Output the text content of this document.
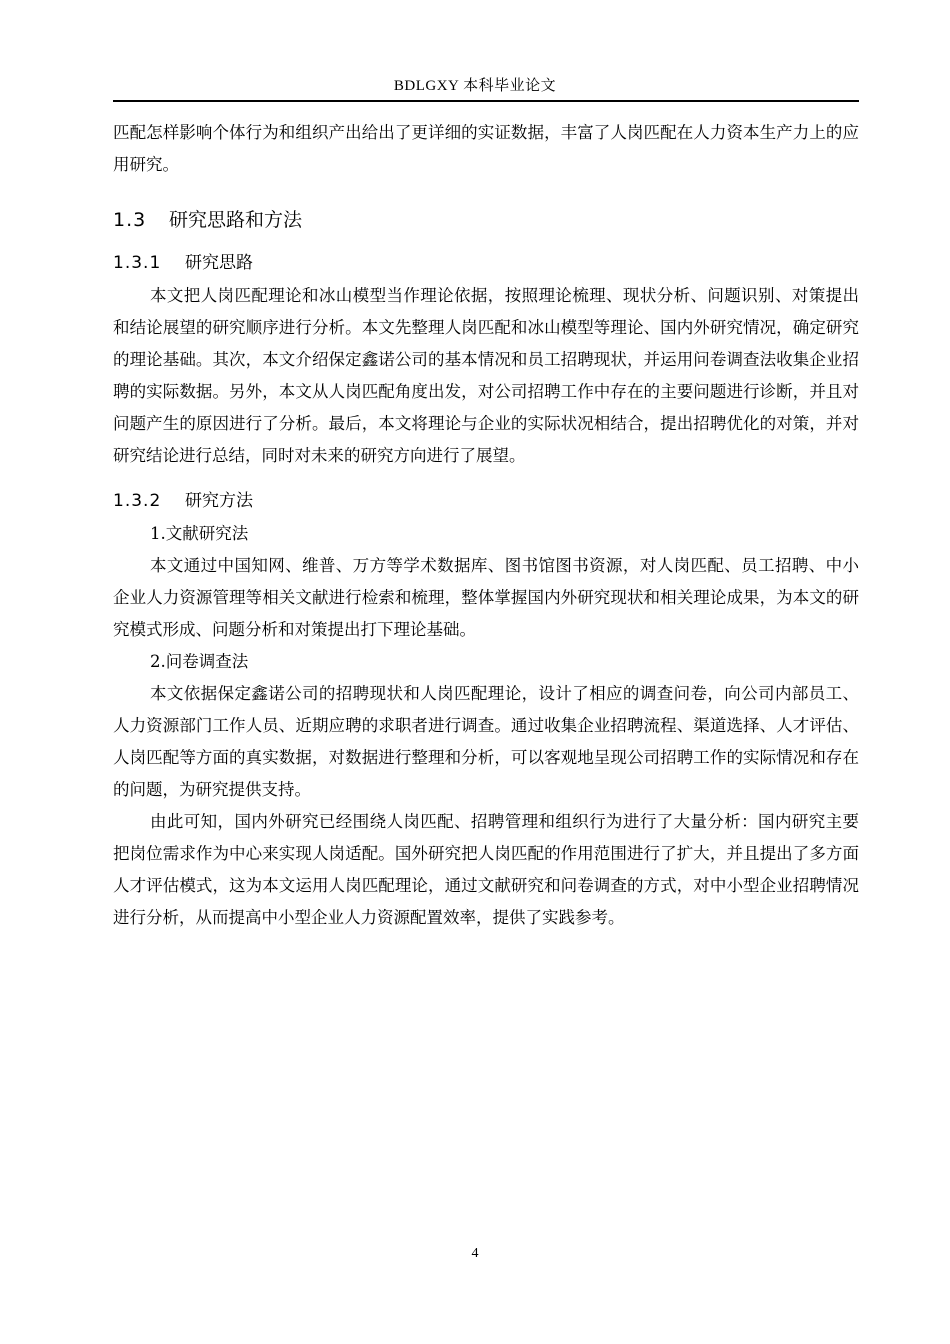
BDLGXY 本科毕业论文

匹配怎样影响个体行为和组织产出给出了更详细的实证数据，丰富了人岗匹配在人力资本生产力上的应用研究。

1.3 研究思路和方法
1.3.1 研究思路

本文把人岗匹配理论和冰山模型当作理论依据，按照理论梳理、现状分析、问题识别、对策提出和结论展望的研究顺序进行分析。本文先整理人岗匹配和冰山模型等理论、国内外研究情况，确定研究的理论基础。其次，本文介绍保定鑫诺公司的基本情况和员工招聘现状，并运用问卷调查法收集企业招聘的实际数据。另外，本文从人岗匹配角度出发，对公司招聘工作中存在的主要问题进行诊断，并且对问题产生的原因进行了分析。最后，本文将理论与企业的实际状况相结合，提出招聘优化的对策，并对研究结论进行总结，同时对未来的研究方向进行了展望。

1.3.2 研究方法

1.文献研究法

本文通过中国知网、维普、万方等学术数据库、图书馆图书资源，对人岗匹配、员工招聘、中小企业人力资源管理等相关文献进行检索和梳理，整体掌握国内外研究现状和相关理论成果，为本文的研究模式形成、问题分析和对策提出打下理论基础。

2.问卷调查法

本文依据保定鑫诺公司的招聘现状和人岗匹配理论，设计了相应的调查问卷，向公司内部员工、人力资源部门工作人员、近期应聘的求职者进行调查。通过收集企业招聘流程、渠道选择、人才评估、人岗匹配等方面的真实数据，对数据进行整理和分析，可以客观地呈现公司招聘工作的实际情况和存在的问题，为研究提供支持。

由此可知，国内外研究已经围绕人岗匹配、招聘管理和组织行为进行了大量分析：国内研究主要把岗位需求作为中心来实现人岗适配。国外研究把人岗匹配的作用范围进行了扩大，并且提出了多方面人才评估模式，这为本文运用人岗匹配理论，通过文献研究和问卷调查的方式，对中小型企业招聘情况进行分析，从而提高中小型企业人力资源配置效率，提供了实践参考。

4
